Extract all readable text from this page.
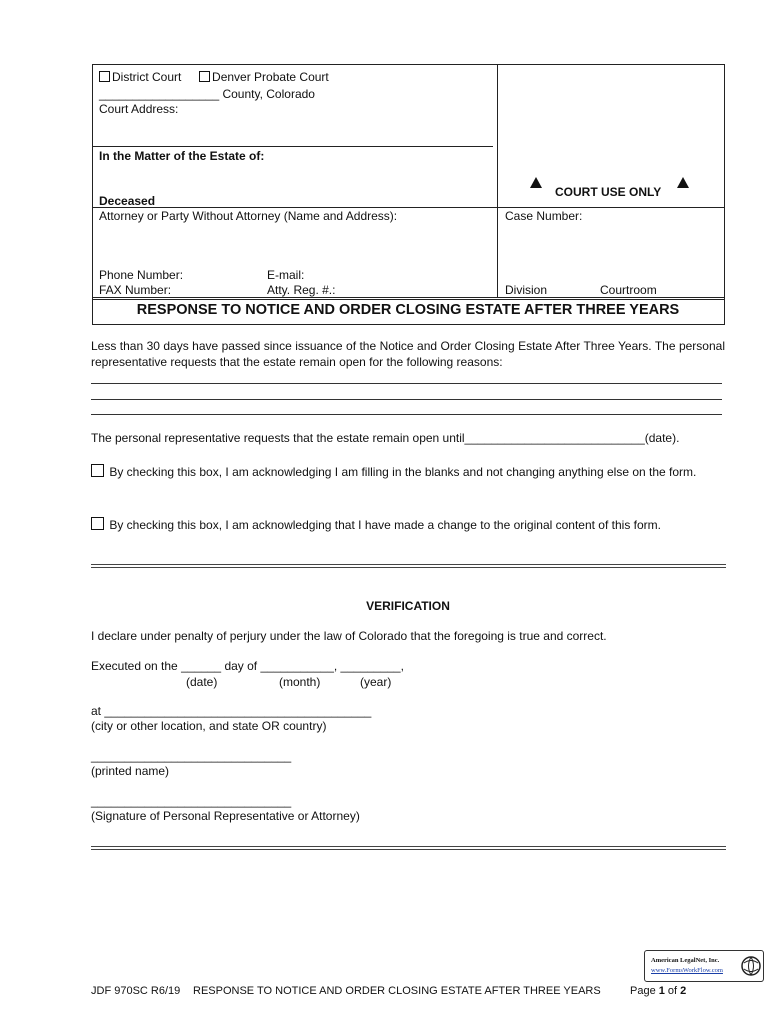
District Court	Denver Probate Court
__________________ County, Colorado
Court Address:
In the Matter of the Estate of:
Deceased
Attorney or Party Without Attorney (Name and Address):
Phone Number:	E-mail:
FAX Number:	Atty. Reg. #.:
COURT USE ONLY
Case Number:
Division	Courtroom
RESPONSE TO NOTICE AND ORDER CLOSING ESTATE AFTER THREE YEARS
Less than 30 days have passed since issuance of the Notice and Order Closing Estate After Three Years. The personal representative requests that the estate remain open for the following reasons:
The personal representative requests that the estate remain open until___________________________(date).
By checking this box, I am acknowledging I am filling in the blanks and not changing anything else on the form.
By checking this box, I am acknowledging that I have made a change to the original content of this form.
VERIFICATION
I declare under penalty of perjury under the law of Colorado that the foregoing is true and correct.
Executed on the ______ day of ___________, _________,
(date)	(month)	(year)
at ________________________________________
(city or other location, and state OR country)
______________________________
(printed name)
______________________________
(Signature of Personal Representative or Attorney)
American LegalNet, Inc.
www.FormsWorkFlow.com
JDF 970SC R6/19 RESPONSE TO NOTICE AND ORDER CLOSING ESTATE AFTER THREE YEARS	Page 1 of 2
